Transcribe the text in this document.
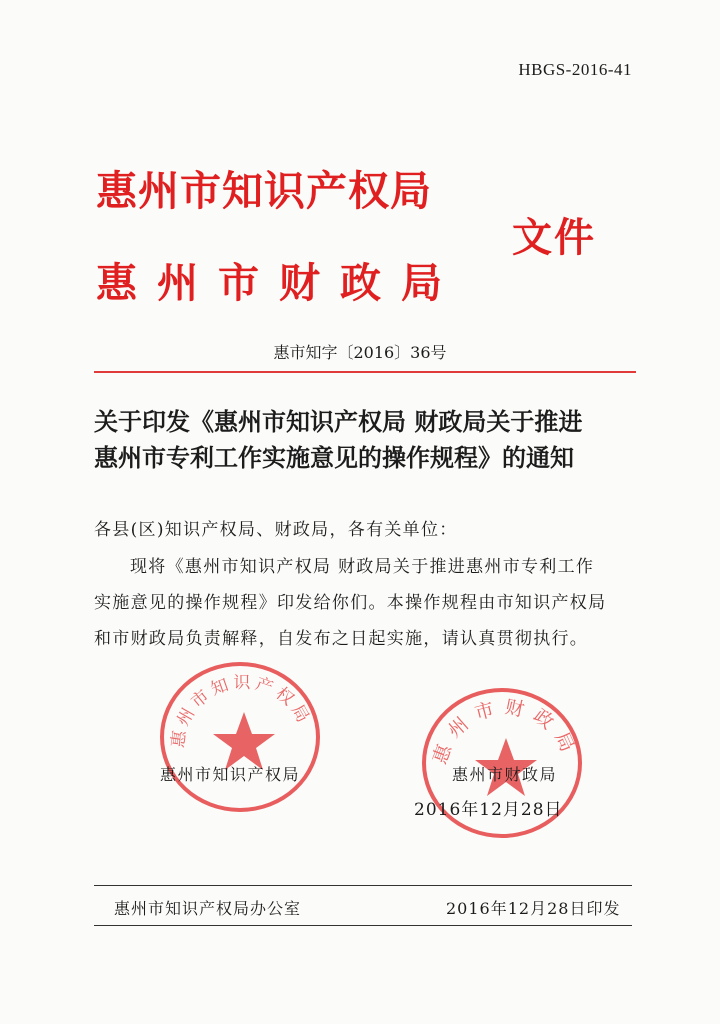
HBGS-2016-41
惠州市知识产权局
惠州市财政局
文件
惠市知字〔2016〕36号
关于印发《惠州市知识产权局 财政局关于推进
惠州市专利工作实施意见的操作规程》的通知
各县(区)知识产权局、财政局，各有关单位：
现将《惠州市知识产权局 财政局关于推进惠州市专利工作
实施意见的操作规程》印发给你们。本操作规程由市知识产权局
和市财政局负责解释，自发布之日起实施，请认真贯彻执行。
惠州市知识产权局
惠州市财政局
惠州市知识产权局	惠州市财政局
2016年12月28日
惠州市知识产权局办公室	2016年12月28日印发
